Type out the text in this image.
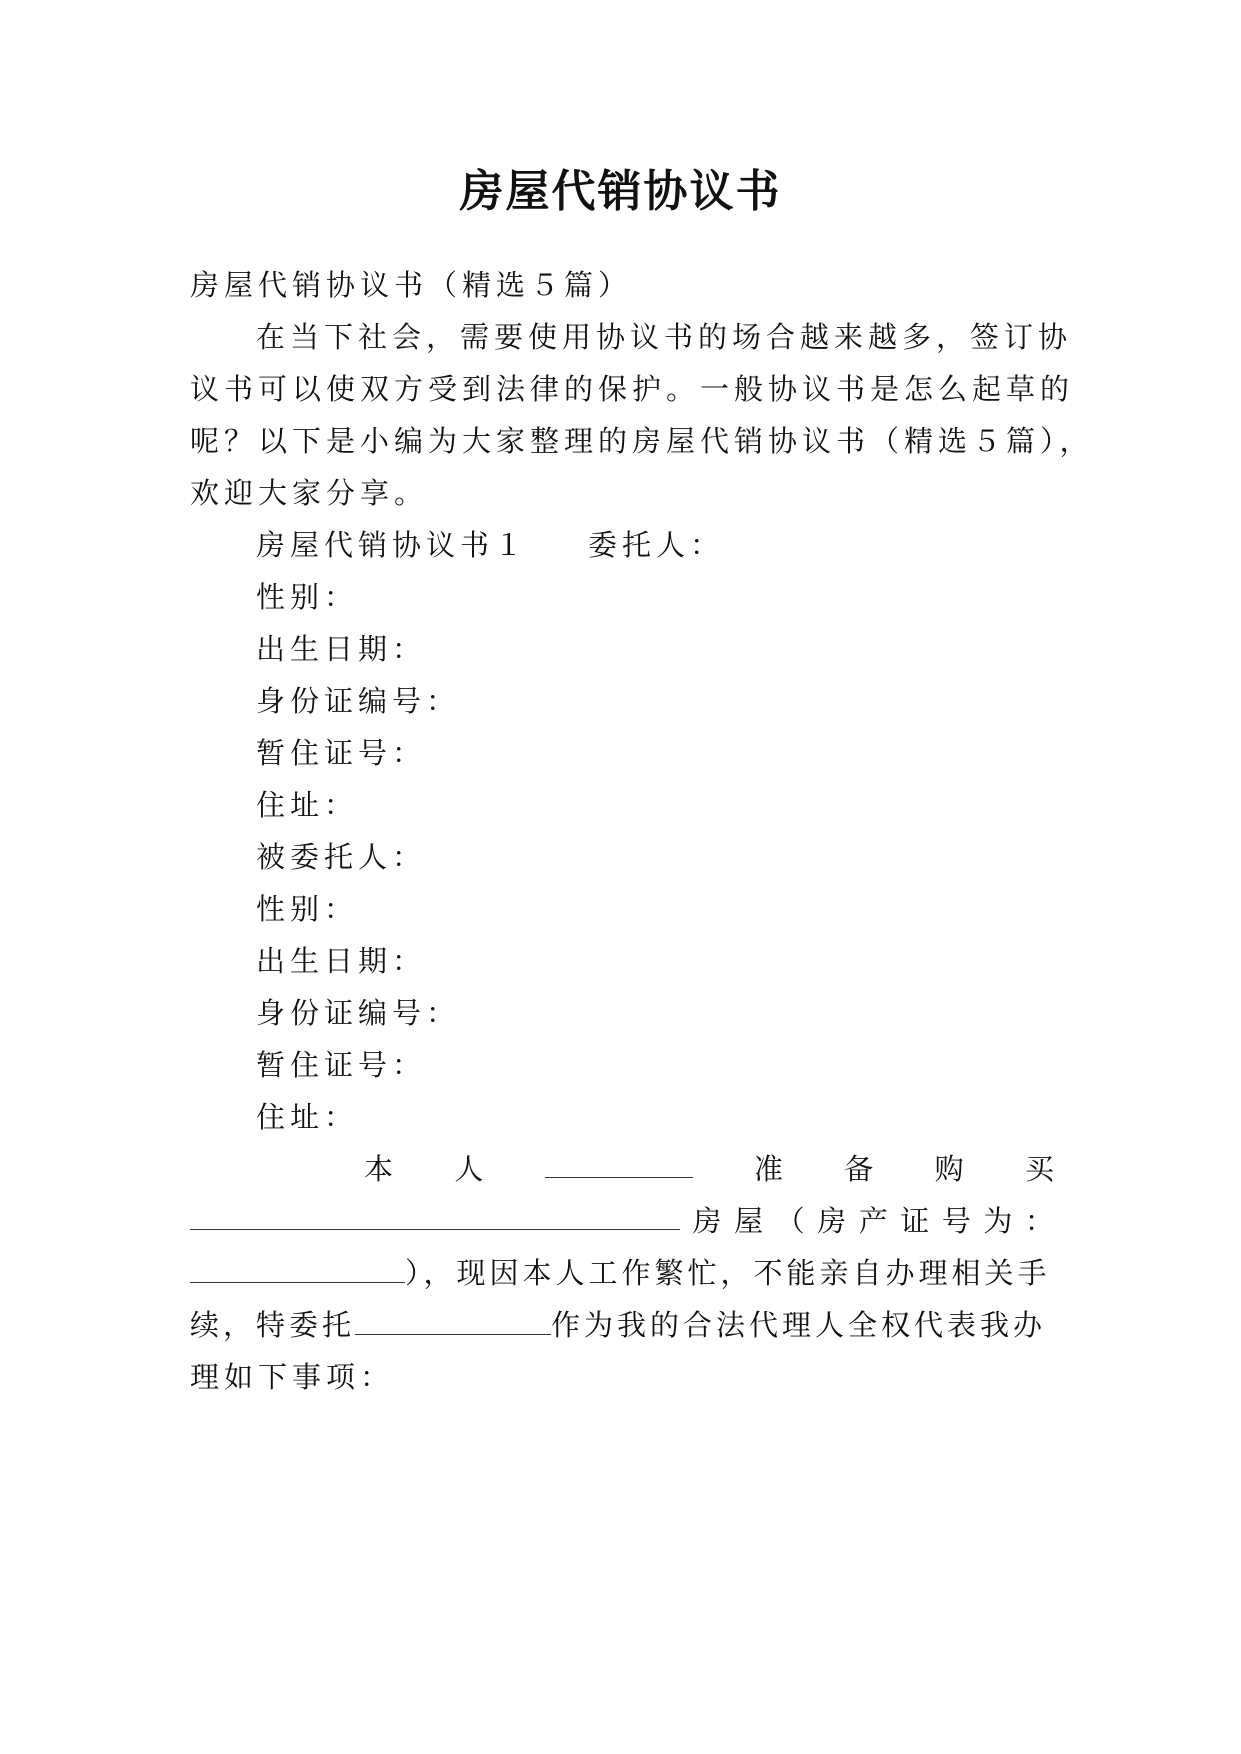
房屋代销协议书
房屋代销协议书（精选５篇）
在当下社会，需要使用协议书的场合越来越多，签订协
议书可以使双方受到法律的保护。一般协议书是怎么起草的
呢？以下是小编为大家整理的房屋代销协议书（精选５篇），
欢迎大家分享。
房屋代销协议书１ 委托人：
性别：
出生日期：
身份证编号：
暂住证号：
住址：
被委托人：
性别：
出生日期：
身份证编号：
暂住证号：
住址：
本 人	准 备 购 买
房 屋 （ 房 产 证 号 为 ：
），现因本人工作繁忙，不能亲自办理相关手
续，特委托	作为我的合法代理人全权代表我办
理如下事项：
